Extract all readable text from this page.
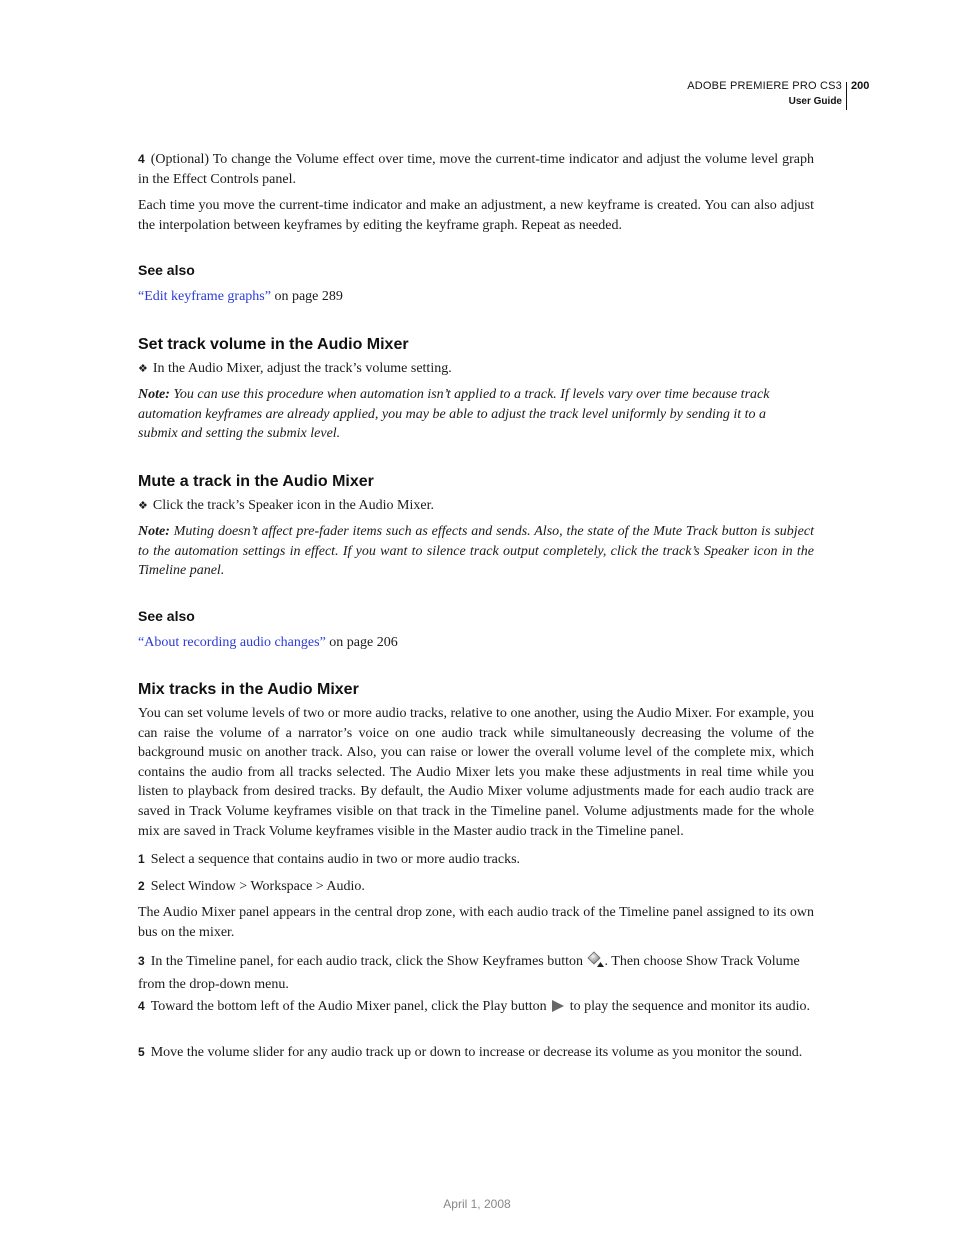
ADOBE PREMIERE PRO CS3
User Guide
200
4 (Optional) To change the Volume effect over time, move the current-time indicator and adjust the volume level graph in the Effect Controls panel.
Each time you move the current-time indicator and make an adjustment, a new keyframe is created. You can also adjust the interpolation between keyframes by editing the keyframe graph. Repeat as needed.
See also
“Edit keyframe graphs” on page 289
Set track volume in the Audio Mixer
❖ In the Audio Mixer, adjust the track’s volume setting.
Note: You can use this procedure when automation isn’t applied to a track. If levels vary over time because track automation keyframes are already applied, you may be able to adjust the track level uniformly by sending it to a submix and setting the submix level.
Mute a track in the Audio Mixer
❖ Click the track’s Speaker icon in the Audio Mixer.
Note: Muting doesn’t affect pre-fader items such as effects and sends. Also, the state of the Mute Track button is subject to the automation settings in effect. If you want to silence track output completely, click the track’s Speaker icon in the Timeline panel.
See also
“About recording audio changes” on page 206
Mix tracks in the Audio Mixer
You can set volume levels of two or more audio tracks, relative to one another, using the Audio Mixer. For example, you can raise the volume of a narrator’s voice on one audio track while simultaneously decreasing the volume of the background music on another track. Also, you can raise or lower the overall volume level of the complete mix, which contains the audio from all tracks selected. The Audio Mixer lets you make these adjustments in real time while you listen to playback from desired tracks. By default, the Audio Mixer volume adjustments made for each audio track are saved in Track Volume keyframes visible on that track in the Timeline panel. Volume adjustments made for the whole mix are saved in Track Volume keyframes visible in the Master audio track in the Timeline panel.
1 Select a sequence that contains audio in two or more audio tracks.
2 Select Window > Workspace > Audio.
The Audio Mixer panel appears in the central drop zone, with each audio track of the Timeline panel assigned to its own bus on the mixer.
3 In the Timeline panel, for each audio track, click the Show Keyframes button . Then choose Show Track Volume from the drop-down menu.
4 Toward the bottom left of the Audio Mixer panel, click the Play button  to play the sequence and monitor its audio.
5 Move the volume slider for any audio track up or down to increase or decrease its volume as you monitor the sound.
April 1, 2008
